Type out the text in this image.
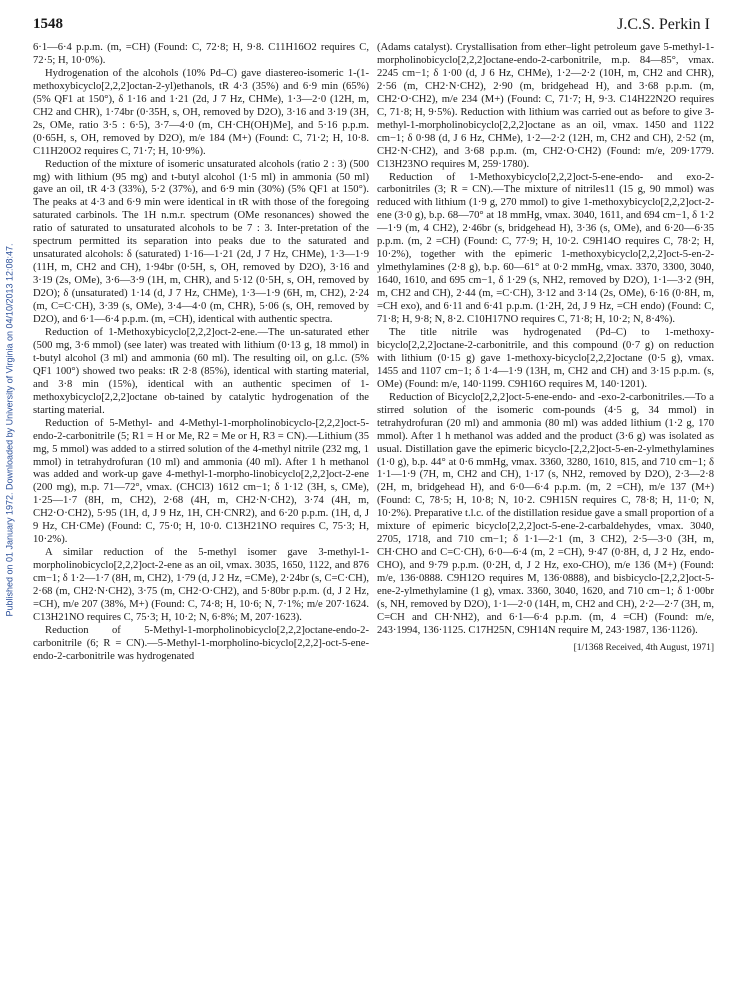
1548	J.C.S. Perkin I
Published on 01 January 1972. Downloaded by University of Virginia on 04/10/2013 12:08:47.

6·1—6·4 p.p.m. (m, =CH) (Found: C, 72·8; H, 9·8. C11H16O2 requires C, 72·5; H, 10·0%).

Hydrogenation of the alcohols (10% Pd–C) gave diastereo-isomeric 1-(1-methoxybicyclo[2,2,2]octan-2-yl)ethanols, tR 4·3 (35%) and 6·9 min (65%) (5% QF1 at 150°), δ 1·16 and 1·21 (2d, J 7 Hz, CHMe), 1·3—2·0 (12H, m, CH2 and CHR), 1·74br (0·35H, s, OH, removed by D2O), 3·16 and 3·19 (3H, 2s, OMe, ratio 3·5 : 6·5), 3·7—4·0 (m, CH·CH(OH)Me], and 5·16 p.p.m. (0·65H, s, OH, removed by D2O), m/e 184 (M+) (Found: C, 71·2; H, 10·8. C11H20O2 requires C, 71·7; H, 10·9%).

Reduction of the mixture of isomeric unsaturated alcohols (ratio 2 : 3) (500 mg) with lithium (95 mg) and t-butyl alcohol (1·5 ml) in ammonia (50 ml) gave an oil, tR 4·3 (33%), 5·2 (37%), and 6·9 min (30%) (5% QF1 at 150°). The peaks at 4·3 and 6·9 min were identical in tR with those of the foregoing saturated carbinols. The 1H n.m.r. spectrum (OMe resonances) showed the ratio of saturated to unsaturated alcohols to be 7 : 3. Inter-pretation of the spectrum permitted its separation into peaks due to the saturated and unsaturated alcohols: δ (saturated) 1·16—1·21 (2d, J 7 Hz, CHMe), 1·3—1·9 (11H, m, CH2 and CH), 1·94br (0·5H, s, OH, removed by D2O), 3·16 and 3·19 (2s, OMe), 3·6—3·9 (1H, m, CHR), and 5·12 (0·5H, s, OH, removed by D2O); δ (unsaturated) 1·14 (d, J 7 Hz, CHMe), 1·3—1·9 (6H, m, CH2), 2·24 (m, C=C·CH), 3·39 (s, OMe), 3·4—4·0 (m, CHR), 5·06 (s, OH, removed by D2O), and 6·1—6·4 p.p.m. (m, =CH), identical with authentic spectra.

Reduction of 1-Methoxybicyclo[2,2,2]oct-2-ene.—The un-saturated ether (500 mg, 3·6 mmol) (see later) was treated with lithium (0·13 g, 18 mmol) in t-butyl alcohol (3 ml) and ammonia (60 ml). The resulting oil, on g.l.c. (5% QF1 100°) showed two peaks: tR 2·8 (85%), identical with starting material, and 3·8 min (15%), identical with an authentic specimen of 1-methoxybicyclo[2,2,2]octane ob-tained by catalytic hydrogenation of the starting material.

Reduction of 5-Methyl- and 4-Methyl-1-morpholinobicyclo-[2,2,2]oct-5-endo-2-carbonitrile (5; R1 = H or Me, R2 = Me or H, R3 = CN).—Lithium (35 mg, 5 mmol) was added to a stirred solution of the 4-methyl nitrile (232 mg, 1 mmol) in tetrahydrofuran (10 ml) and ammonia (40 ml). After 1 h methanol was added and work-up gave 4-methyl-1-morpho-linobicyclo[2,2,2]oct-2-ene (200 mg), m.p. 71—72°, νmax. (CHCl3) 1612 cm−1; δ 1·12 (3H, s, CMe), 1·25—1·7 (8H, m, CH2), 2·68 (4H, m, CH2·N·CH2), 3·74 (4H, m, CH2·O·CH2), 5·95 (1H, d, J 9 Hz, 1H, CH·CNR2), and 6·20 p.p.m. (1H, d, J 9 Hz, CH·CMe) (Found: C, 75·0; H, 10·0. C13H21NO requires C, 75·3; H, 10·2%).

A similar reduction of the 5-methyl isomer gave 3-methyl-1-morpholinobicyclo[2,2,2]oct-2-ene as an oil, νmax. 3035, 1650, 1122, and 876 cm−1; δ 1·2—1·7 (8H, m, CH2), 1·79 (d, J 2 Hz, =CMe), 2·24br (s, C=C·CH), 2·68 (m, CH2·N·CH2), 3·75 (m, CH2·O·CH2), and 5·80br p.p.m. (d, J 2 Hz, =CH), m/e 207 (38%, M+) (Found: C, 74·8; H, 10·6; N, 7·1%; m/e 207·1624. C13H21NO requires C, 75·3; H, 10·2; N, 6·8%; M, 207·1623).

Reduction of 5-Methyl-1-morpholinobicyclo[2,2,2]octane-endo-2-carbonitrile (6; R = CN).—5-Methyl-1-morpholino-bicyclo[2,2,2]-oct-5-ene-endo-2-carbonitrile was hydrogenated

(Adams catalyst). Crystallisation from ether–light petroleum gave 5-methyl-1-morpholinobicyclo[2,2,2]octane-endo-2-carbonitrile, m.p. 84—85°, νmax. 2245 cm−1; δ 1·00 (d, J 6 Hz, CHMe), 1·2—2·2 (10H, m, CH2 and CHR), 2·56 (m, CH2·N·CH2), 2·90 (m, bridgehead H), and 3·68 p.p.m. (m, CH2·O·CH2), m/e 234 (M+) (Found: C, 71·7; H, 9·3. C14H22N2O requires C, 71·8; H, 9·5%). Reduction with lithium was carried out as before to give 3-methyl-1-morpholinobicyclo[2,2,2]octane as an oil, νmax. 1450 and 1122 cm−1; δ 0·98 (d, J 6 Hz, CHMe), 1·2—2·2 (12H, m, CH2 and CH), 2·52 (m, CH2·N·CH2), and 3·68 p.p.m. (m, CH2·O·CH2) (Found: m/e, 209·1779. C13H23NO requires M, 259·1780).

Reduction of 1-Methoxybicyclo[2,2,2]oct-5-ene-endo- and exo-2-carbonitriles (3; R = CN).—The mixture of nitriles11 (15 g, 90 mmol) was reduced with lithium (1·9 g, 270 mmol) to give 1-methoxybicyclo[2,2,2]oct-2-ene (3·0 g), b.p. 68—70° at 18 mmHg, νmax. 3040, 1611, and 694 cm−1, δ 1·2—1·9 (m, 4 CH2), 2·46br (s, bridgehead H), 3·36 (s, OMe), and 6·20—6·35 p.p.m. (m, 2 =CH) (Found: C, 77·9; H, 10·2. C9H14O requires C, 78·2; H, 10·2%), together with the epimeric 1-methoxybicyclo[2,2,2]oct-5-en-2-ylmethylamines (2·8 g), b.p. 60—61° at 0·2 mmHg, νmax. 3370, 3300, 3040, 1640, 1610, and 695 cm−1, δ 1·29 (s, NH2, removed by D2O), 1·1—3·2 (9H, m, CH2 and CH), 2·44 (m, =C·CH), 3·12 and 3·14 (2s, OMe), 6·16 (0·8H, m, =CH exo), and 6·11 and 6·41 p.p.m. (1·2H, 2d, J 9 Hz, =CH endo) (Found: C, 71·8; H, 9·8; N, 8·2. C10H17NO requires C, 71·8; H, 10·2; N, 8·4%).

The title nitrile was hydrogenated (Pd–C) to 1-methoxy-bicyclo[2,2,2]octane-2-carbonitrile, and this compound (0·7 g) on reduction with lithium (0·15 g) gave 1-methoxy-bicyclo[2,2,2]octane (0·5 g), νmax. 1455 and 1107 cm−1; δ 1·4—1·9 (13H, m, CH2 and CH) and 3·15 p.p.m. (s, OMe) (Found: m/e, 140·1199. C9H16O requires M, 140·1201).

Reduction of Bicyclo[2,2,2]oct-5-ene-endo- and -exo-2-carbonitriles.—To a stirred solution of the isomeric com-pounds (4·5 g, 34 mmol) in tetrahydrofuran (20 ml) and ammonia (80 ml) was added lithium (1·2 g, 170 mmol). After 1 h methanol was added and the product (3·6 g) was isolated as usual. Distillation gave the epimeric bicyclo-[2,2,2]oct-5-en-2-ylmethylamines (1·0 g), b.p. 44° at 0·6 mmHg, νmax. 3360, 3280, 1610, 815, and 710 cm−1; δ 1·1—1·9 (7H, m, CH2 and CH), 1·17 (s, NH2, removed by D2O), 2·3—2·8 (2H, m, bridgehead H), and 6·0—6·4 p.p.m. (m, 2 =CH), m/e 137 (M+) (Found: C, 78·5; H, 10·8; N, 10·2. C9H15N requires C, 78·8; H, 11·0; N, 10·2%). Preparative t.l.c. of the distillation residue gave a small proportion of a mixture of epimeric bicyclo[2,2,2]oct-5-ene-2-carbaldehydes, νmax. 3040, 2705, 1718, and 710 cm−1; δ 1·1—2·1 (m, 3 CH2), 2·5—3·0 (3H, m, CH·CHO and C=C·CH), 6·0—6·4 (m, 2 =CH), 9·47 (0·8H, d, J 2 Hz, endo-CHO), and 9·79 p.p.m. (0·2H, d, J 2 Hz, exo-CHO), m/e 136 (M+) (Found: m/e, 136·0888. C9H12O requires M, 136·0888), and bisbicyclo-[2,2,2]oct-5-ene-2-ylmethylamine (1 g), νmax. 3360, 3040, 1620, and 710 cm−1; δ 1·00br (s, NH, removed by D2O), 1·1—2·0 (14H, m, CH2 and CH), 2·2—2·7 (3H, m, C=CH and CH·NH2), and 6·1—6·4 p.p.m. (m, 4 =CH) (Found: m/e, 243·1994, 136·1125. C17H25N, C9H14N require M, 243·1987, 136·1126).

[1/1368 Received, 4th August, 1971]
